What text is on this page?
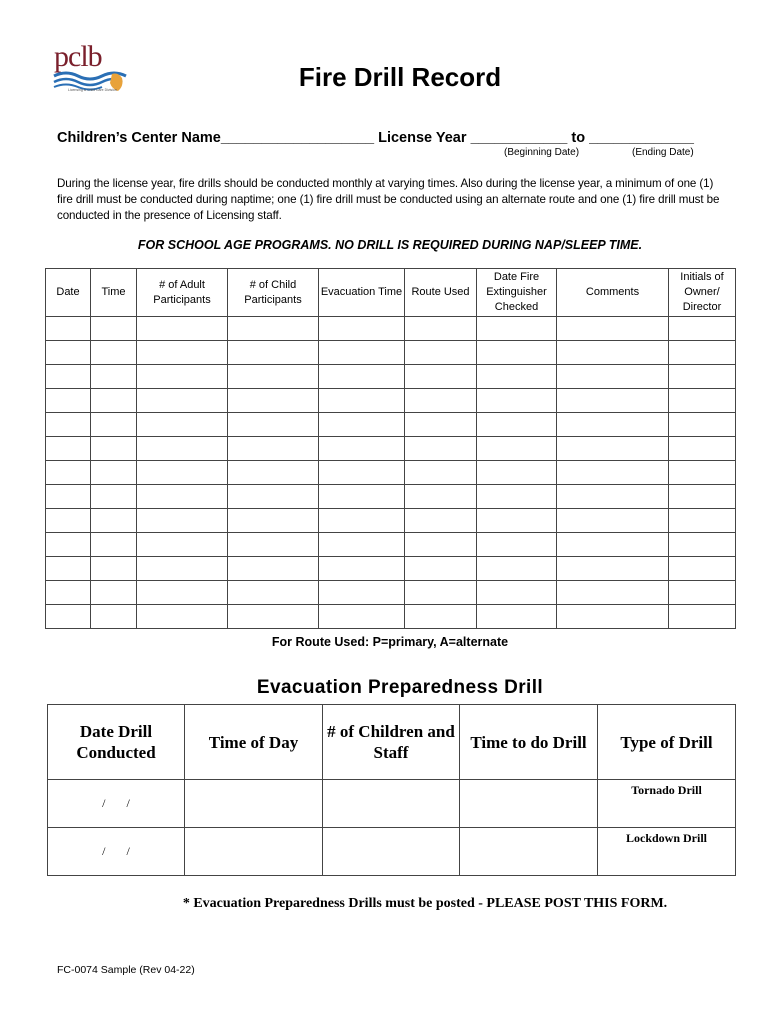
pclb
Licensing & Child Care Division	Fire Drill Record
Children’s Center Name___________________ License Year ____________ to _____________
(Beginning Date)	(Ending Date)
During the license year, fire drills should be conducted monthly at varying times. Also during the license year, a minimum of one (1) fire drill must be conducted during naptime; one (1) fire drill must be conducted using an alternate route and one (1) fire drill must be conducted in the presence of Licensing staff.
FOR SCHOOL AGE PROGRAMS. NO DRILL IS REQUIRED DURING NAP/SLEEP TIME.
Date	Time	# of Adult Participants	# of Child Participants	Evacuation Time	Route Used	Date Fire Extinguisher Checked	Comments	Initials of Owner/ Director

For Route Used: P=primary, A=alternate
Evacuation Preparedness Drill
Date Drill Conducted	Time of Day	# of Children and Staff	Time to do Drill	Type of Drill
/ /				Tornado Drill
/ /				Lockdown Drill
* Evacuation Preparedness Drills must be posted - PLEASE POST THIS FORM.
FC-0074 Sample (Rev 04-22)
